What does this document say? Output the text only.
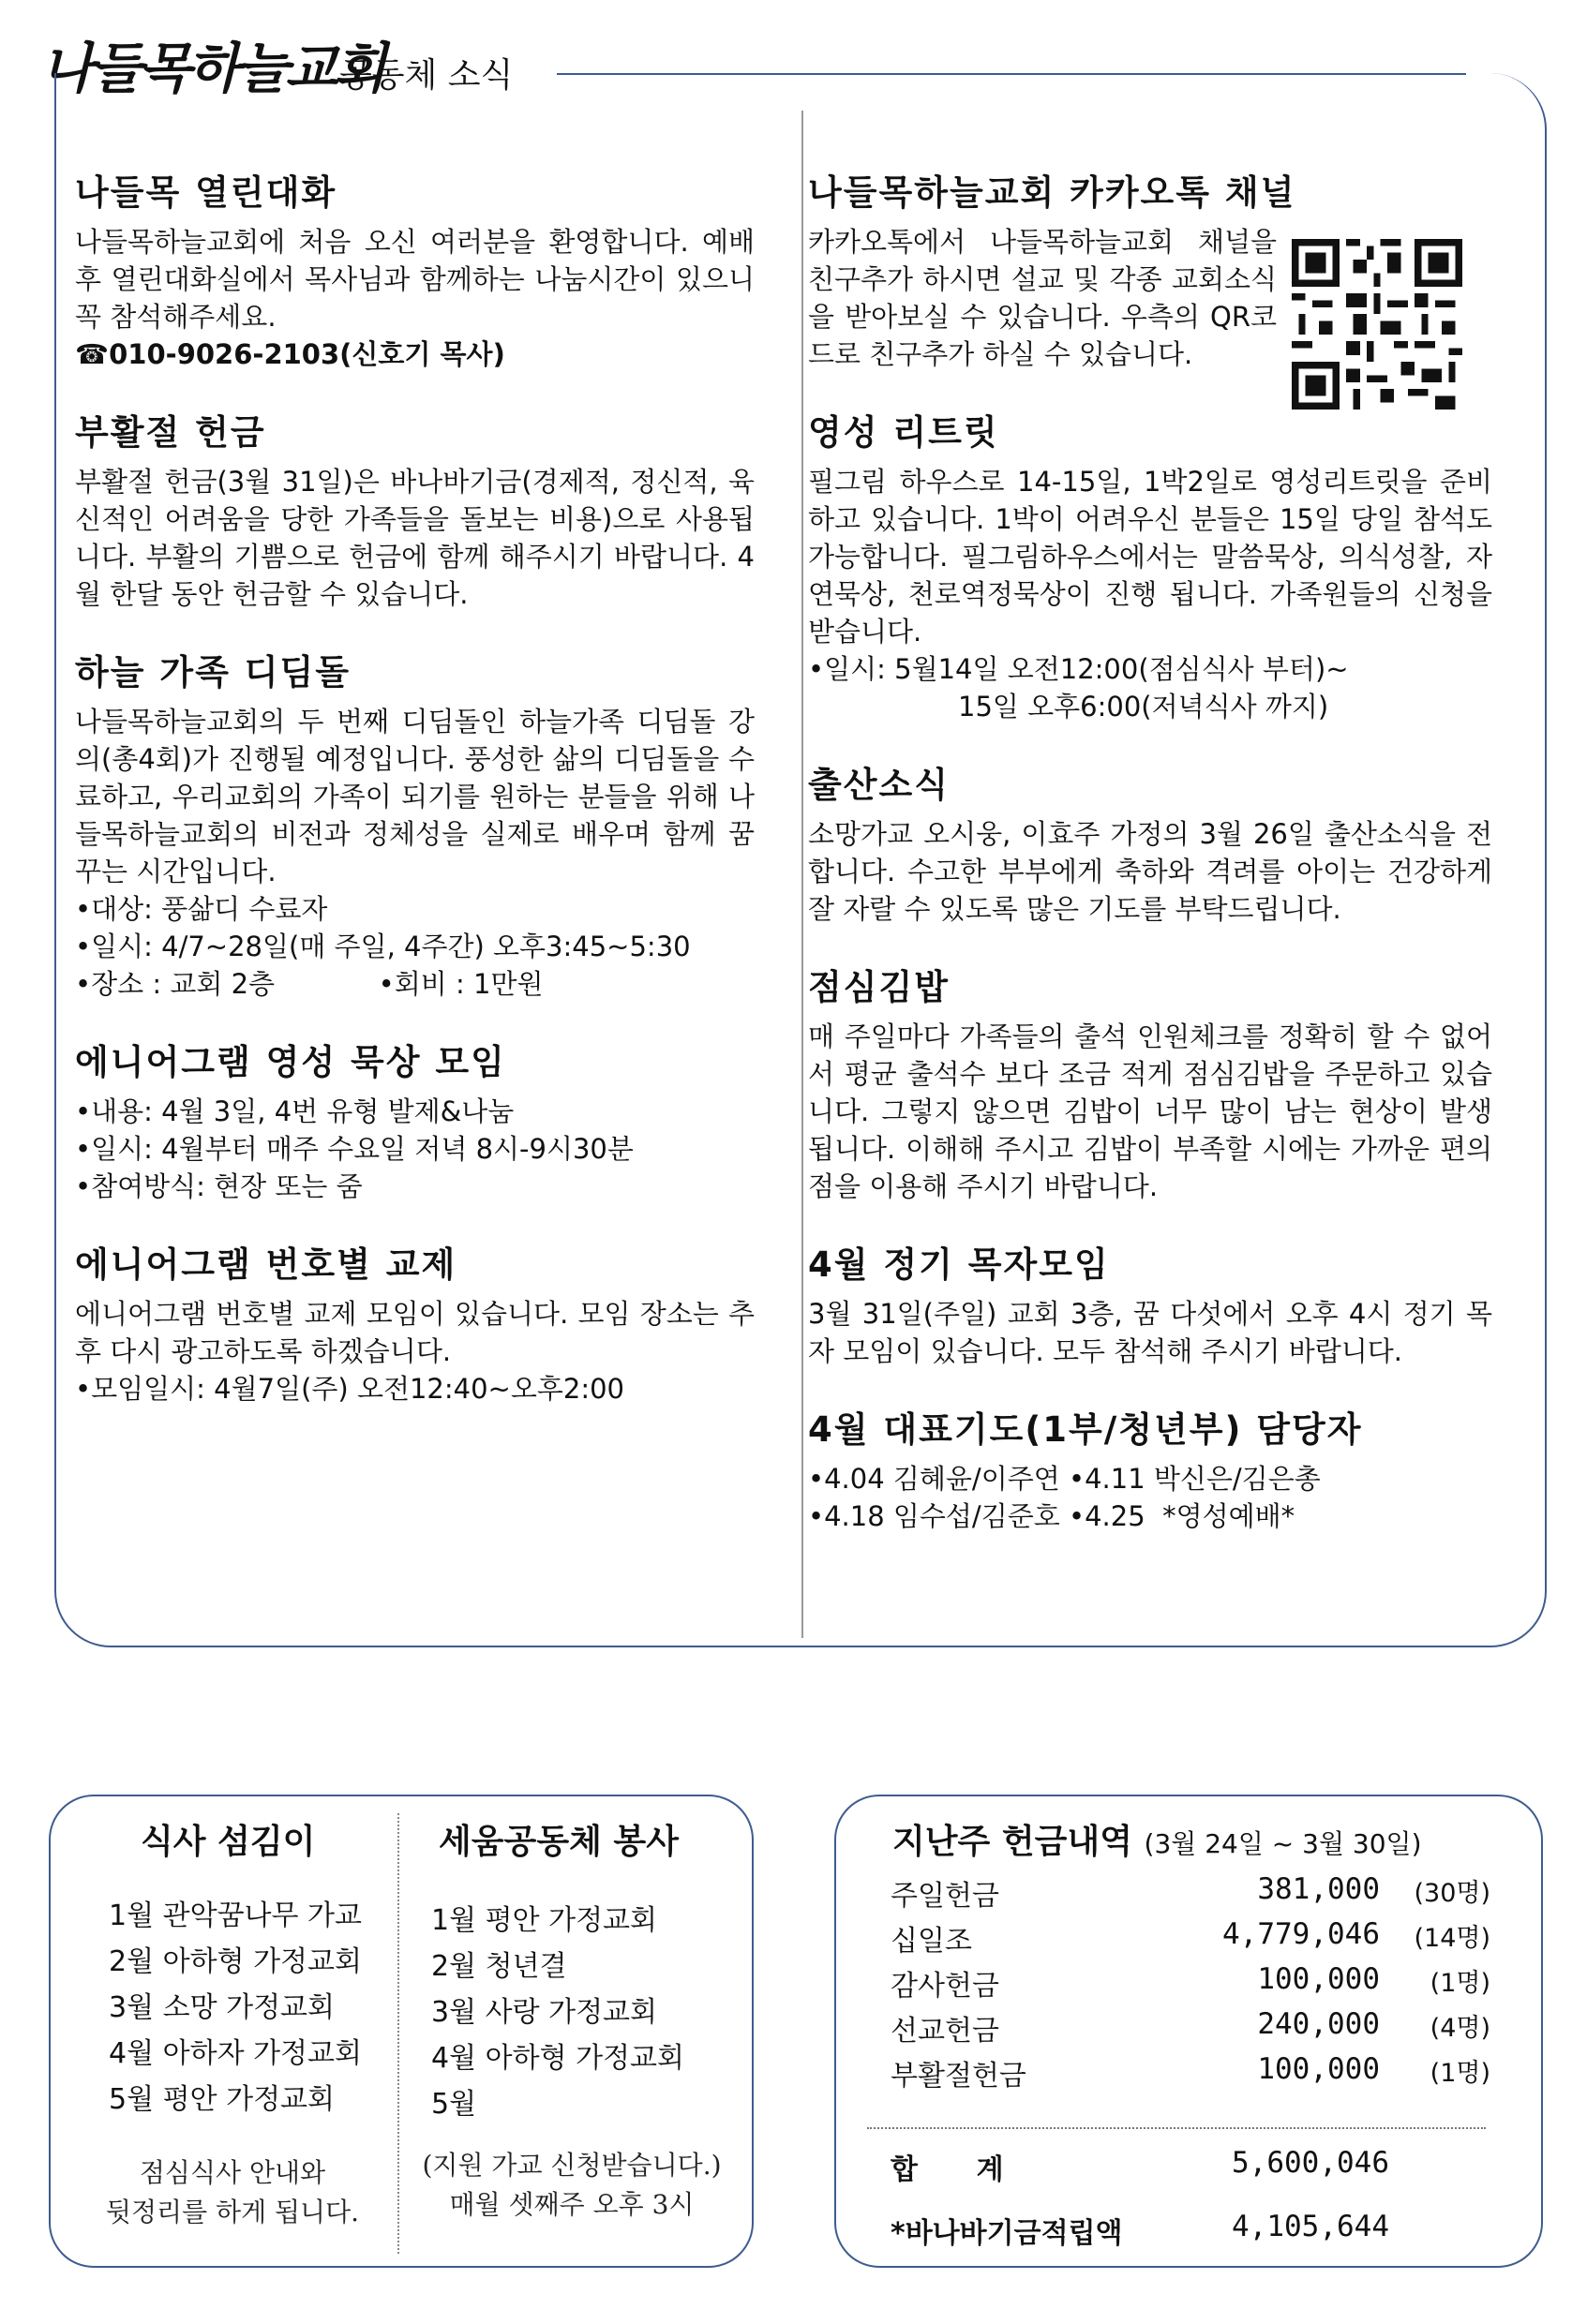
나들목하늘교회
공동체 소식
나들목 열린대화

나들목하늘교회에 처음 오신 여러분을 환영합니다. 예배 후 열린대화실에서 목사님과 함께하는 나눔시간이 있으니 꼭 참석해주세요.

☎010-9026-2103(신호기 목사)
부활절 헌금

부활절 헌금(3월 31일)은 바나바기금(경제적, 정신적, 육신적인 어려움을 당한 가족들을 돌보는 비용)으로 사용됩니다. 부활의 기쁨으로 헌금에 함께 해주시기 바랍니다. 4월 한달 동안 헌금할 수 있습니다.

하늘 가족 디딤돌

나들목하늘교회의 두 번째 디딤돌인 하늘가족 디딤돌 강의(총4회)가 진행될 예정입니다. 풍성한 삶의 디딤돌을 수료하고, 우리교회의 가족이 되기를 원하는 분들을 위해 나들목하늘교회의 비전과 정체성을 실제로 배우며 함께 꿈꾸는 시간입니다.

•대상: 풍삶디 수료자
•일시: 4/7~28일(매 주일, 4주간) 오후3:45~5:30
•장소 : 교회 2층            •회비 : 1만원
에니어그램 영성 묵상 모임
•내용: 4월 3일, 4번 유형 발제&나눔
•일시: 4월부터 매주 수요일 저녁 8시-9시30분
•참여방식: 현장 또는 줌
에니어그램 번호별 교제

에니어그램 번호별 교제 모임이 있습니다. 모임 장소는 추후 다시 광고하도록 하겠습니다.

•모임일시: 4월7일(주) 오전12:40~오후2:00
나들목하늘교회 카카오톡 채널

카카오톡에서 나들목하늘교회 채널을 친구추가 하시면 설교 및 각종 교회소식을 받아보실 수 있습니다. 우측의 QR코드로 친구추가 하실 수 있습니다.

영성 리트릿

필그림 하우스로 14-15일, 1박2일로 영성리트릿을 준비하고 있습니다. 1박이 어려우신 분들은 15일 당일 참석도 가능합니다. 필그림하우스에서는 말씀묵상, 의식성찰, 자연묵상, 천로역정묵상이 진행 됩니다. 가족원들의 신청을 받습니다.

•일시: 5월14일 오전12:00(점심식사 부터)~
15일 오후6:00(저녁식사 까지)
출산소식

소망가교 오시웅, 이효주 가정의 3월 26일 출산소식을 전합니다. 수고한 부부에게 축하와 격려를 아이는 건강하게 잘 자랄 수 있도록 많은 기도를 부탁드립니다.

점심김밥

매 주일마다 가족들의 출석 인원체크를 정확히 할 수 없어서 평균 출석수 보다 조금 적게 점심김밥을 주문하고 있습니다. 그렇지 않으면 김밥이 너무 많이 남는 현상이 발생 됩니다. 이해해 주시고 김밥이 부족할 시에는 가까운 편의점을 이용해 주시기 바랍니다.

4월 정기 목자모임

3월 31일(주일) 교회 3층, 꿈 다섯에서 오후 4시 정기 목자 모임이 있습니다. 모두 참석해 주시기 바랍니다.

4월 대표기도(1부/청년부) 담당자
•4.04 김혜윤/이주연 •4.11 박신은/김은총
•4.18 임수섭/김준호 •4.25  *영성예배*
식사 섬김이
1월 관악꿈나무 가교
2월 아하형 가정교회
3월 소망 가정교회
4월 아하자 가정교회
5월 평안 가정교회
점심식사 안내와
뒷정리를 하게 됩니다.
세움공동체 봉사
1월 평안 가정교회
2월 청년결
3월 사랑 가정교회
4월 아하형 가정교회
5월
(지원 가교 신청받습니다.)
매월 셋째주 오후 3시
지난주 헌금내역 (3월 24일 ~ 3월 30일)
주일헌금	381,000 (30명)
십일조	4,779,046 (14명)
감사헌금	100,000 (1명)
선교헌금	240,000 (4명)
부활절헌금	100,000 (1명)
합      계	5,600,046
*바나바기금적립액	4,105,644
